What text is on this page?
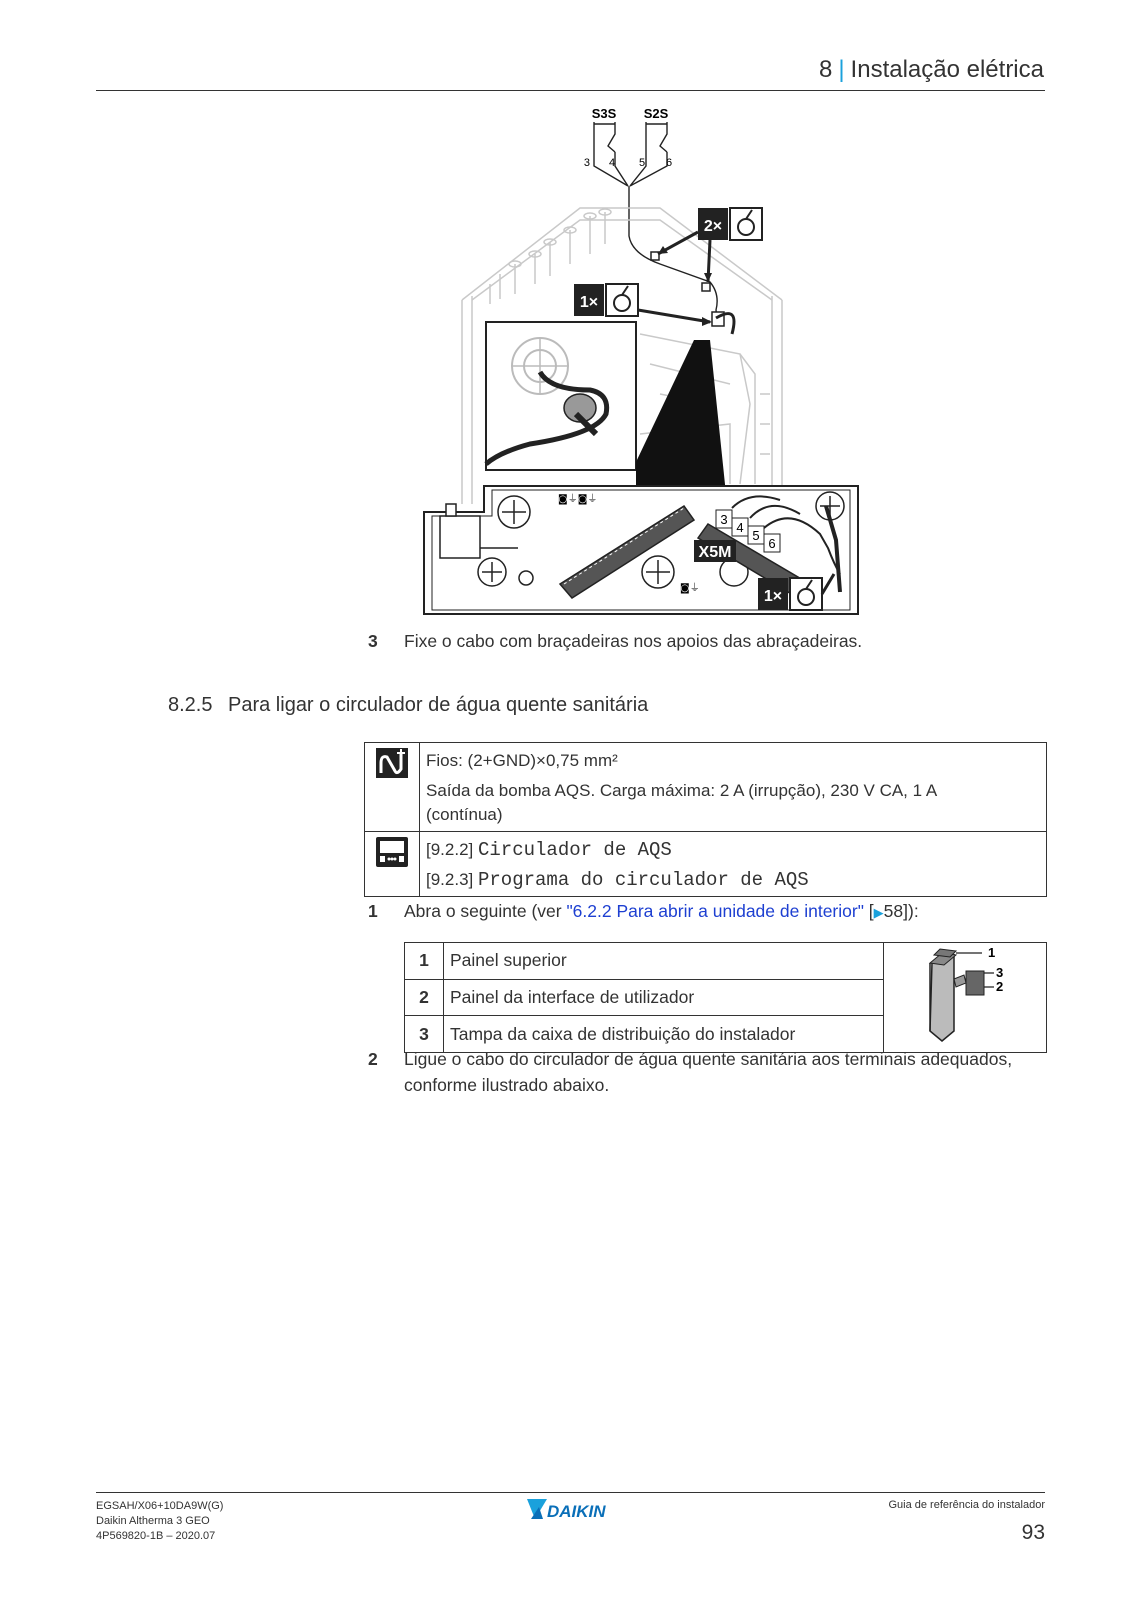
8 | Instalação elétrica
S3S S2S
3 4 5 6
2×
1×
◙⏚◙⏚
◙⏚
3
4
5
6
X5M
1×
3 Fixe o cabo com braçadeiras nos apoios das abraçadeiras.
8.2.5 Para ligar o circulador de água quente sanitária

Fios: (2+GND)×0,75 mm²

Saída da bomba AQS. Carga máxima: 2 A (irrupção), 230 V CA, 1 A
(contínua)

[9.2.2] Circulador de AQS

[9.2.3] Programa do circulador de AQS

1 Abra o seguinte (ver "6.2.2 Para abrir a unidade de interior" [▶58]):
1	Painel superior	1
3
2

2	Painel da interface de utilizador	
3	Tampa da caixa de distribuição do instalador	
2 Ligue o cabo do circulador de água quente sanitária aos terminais adequados,
conforme ilustrado abaixo.
EGSAH/X06+10DA9W(G)
Daikin Altherma 3 GEO
4P569820-1B – 2020.07
DAIKIN	Guia de referência do instalador
93
